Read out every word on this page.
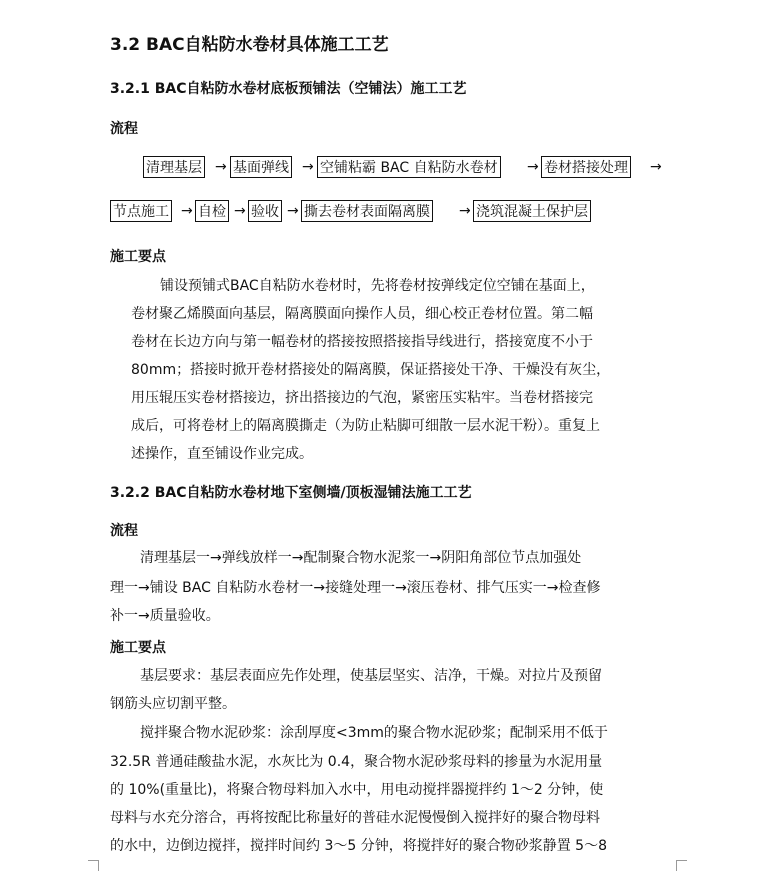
3.2 BAC自粘防水卷材具体施工工艺
3.2.1 BAC自粘防水卷材底板预铺法（空铺法）施工工艺
流程
清理基层 → 基面弹线 → 空铺粘霸 BAC 自粘防水卷材 → 卷材搭接处理 →
节点施工 → 自检 → 验收 → 撕去卷材表面隔离膜 → 浇筑混凝土保护层
施工要点
铺设预铺式BAC自粘防水卷材时，先将卷材按弹线定位空铺在基面上，
卷材聚乙烯膜面向基层，隔离膜面向操作人员，细心校正卷材位置。第二幅
卷材在长边方向与第一幅卷材的搭接按照搭接指导线进行，搭接宽度不小于
80mm；搭接时掀开卷材搭接处的隔离膜，保证搭接处干净、干燥没有灰尘，
用压辊压实卷材搭接边，挤出搭接边的气泡，紧密压实粘牢。当卷材搭接完
成后，可将卷材上的隔离膜撕走（为防止粘脚可细散一层水泥干粉）。重复上
述操作，直至铺设作业完成。
3.2.2 BAC自粘防水卷材地下室侧墙/顶板湿铺法施工工艺
流程
清理基层一→弹线放样一→配制聚合物水泥浆一→阴阳角部位节点加强处
理一→铺设 BAC 自粘防水卷材一→接缝处理一→滚压卷材、排气压实一→检查修
补一→质量验收。
施工要点
基层要求：基层表面应先作处理，使基层坚实、洁净，干燥。对拉片及预留
钢筋头应切割平整。
搅拌聚合物水泥砂浆：涂刮厚度<3mm的聚合物水泥砂浆；配制采用不低于
32.5R 普通硅酸盐水泥，水灰比为 0.4，聚合物水泥砂浆母料的掺量为水泥用量
的 10%(重量比)，将聚合物母料加入水中，用电动搅拌器搅拌约 1～2 分钟，使
母料与水充分溶合，再将按配比称量好的普硅水泥慢慢倒入搅拌好的聚合物母料
的水中，边倒边搅拌，搅拌时间约 3～5 分钟，将搅拌好的聚合物砂浆静置 5～8
